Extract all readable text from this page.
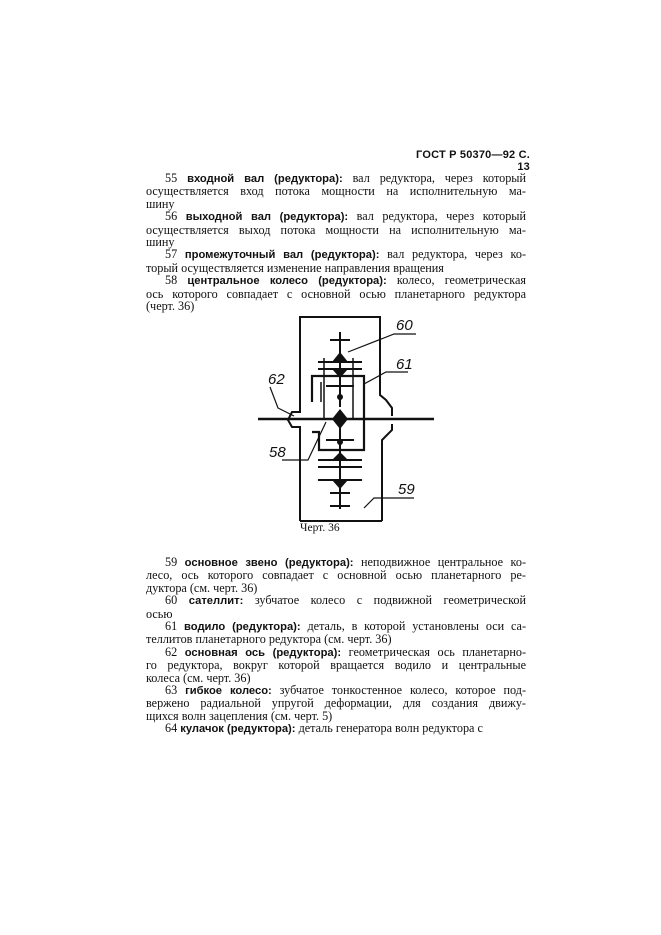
ГОСТ Р 50370—92 С. 13
55 входной вал (редуктора): вал редуктора, через который
осуществляется вход потока мощности на исполнительную ма-
шину
56 выходной вал (редуктора): вал редуктора, через который
осуществляется выход потока мощности на исполнительную ма-
шину
57 промежуточный вал (редуктора): вал редуктора, через ко-
торый осуществляется изменение направления вращения
58 центральное колесо (редуктора): колесо, геометрическая
ось которого совпадает с основной осью планетарного редуктора
(черт. 36)
60
61
62
58
59
Черт. 36
59 основное звено (редуктора): неподвижное центральное ко-
лесо, ось которого совпадает с основной осью планетарного ре-
дуктора (см. черт. 36)
60 сателлит: зубчатое колесо с подвижной геометрической
осью
61 водило (редуктора): деталь, в которой установлены оси са-
теллитов планетарного редуктора (см. черт. 36)
62 основная ось (редуктора): геометрическая ось планетарно-
го редуктора, вокруг которой вращается водило и центральные
колеса (см. черт. 36)
63 гибкое колесо: зубчатое тонкостенное колесо, которое под-
вержено радиальной упругой деформации, для создания движу-
щихся волн зацепления (см. черт. 5)
64 кулачок (редуктора): деталь генератора волн редуктора с
